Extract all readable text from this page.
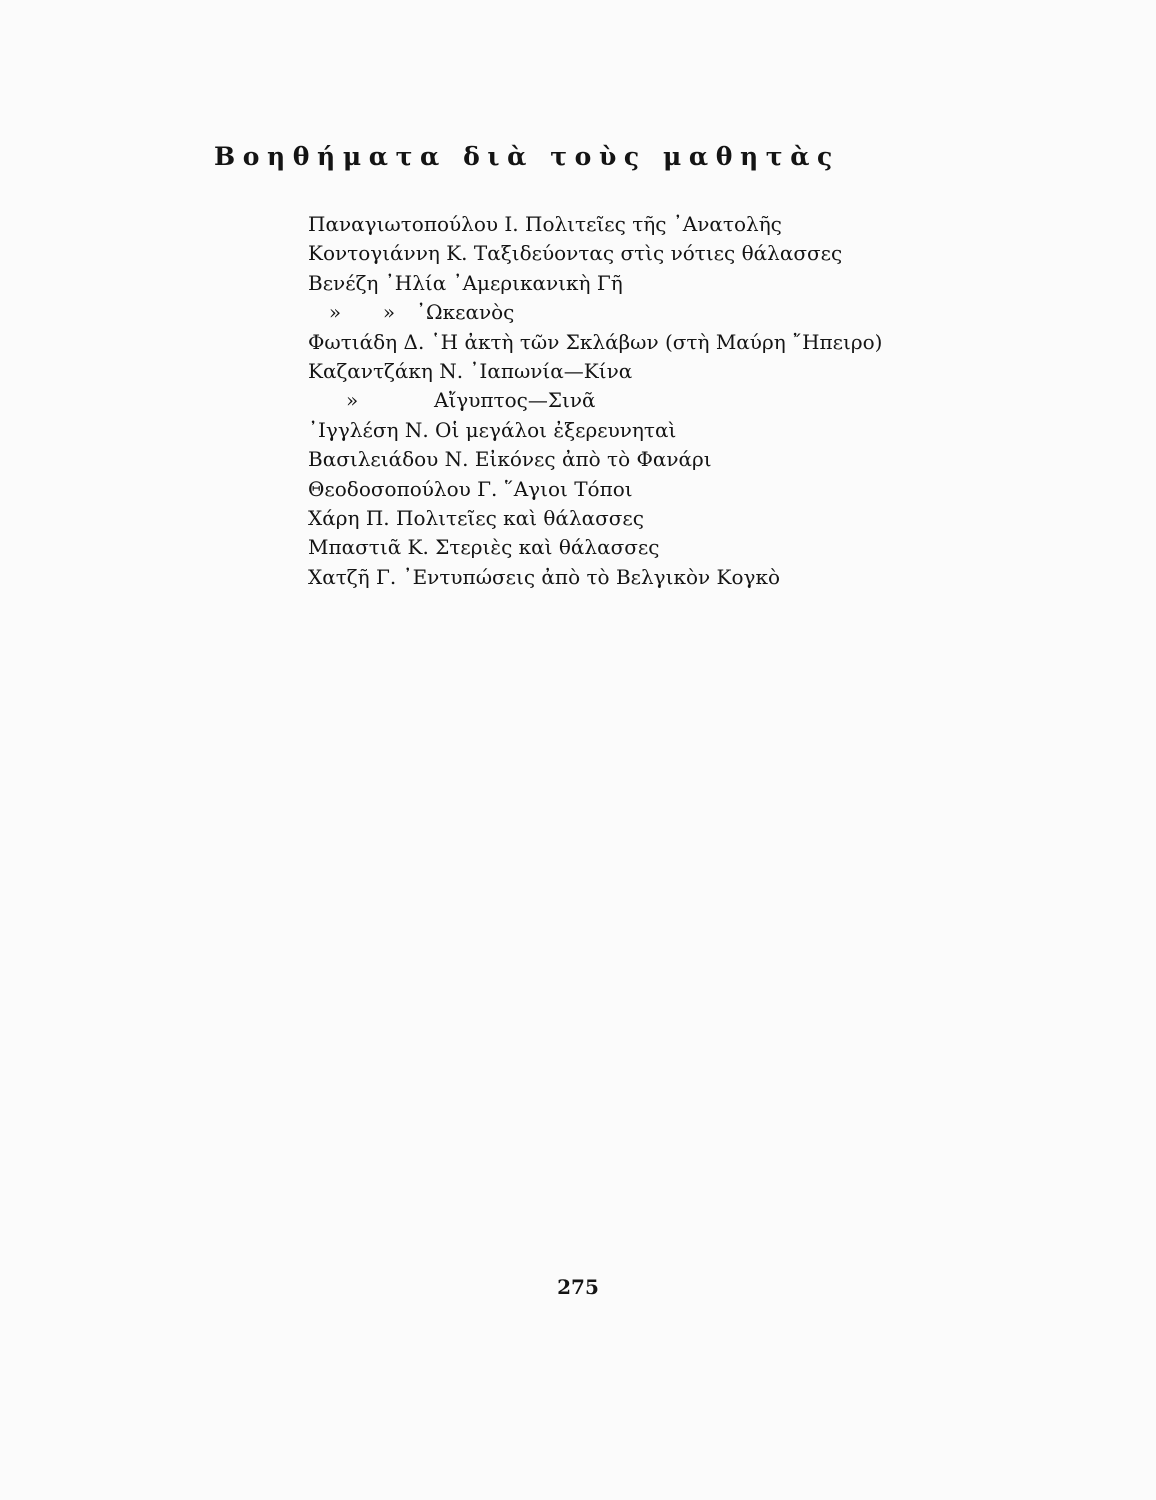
Βοηθήματα διὰ τοὺς μαθητὰς
Παναγιωτοπούλου Ι. Πολιτεῖες τῆς ᾿Ανατολῆς
Κοντογιάννη Κ. Ταξιδεύοντας στὶς νότιες θάλασσες
Βενέζη ᾿Ηλία ᾿Αμερικανικὴ Γῆ
»	»	᾿Ωκεανὸς
Φωτιάδη Δ. ῾Η ἀκτὴ τῶν Σκλάβων (στὴ Μαύρη ῎Ηπειρο)
Καζαντζάκη Ν. ᾿Ιαπωνία—Κίνα
»	Αἴγυπτος—Σινᾶ
᾿Ιγγλέση Ν. Οἱ μεγάλοι ἐξερευνηταὶ
Βασιλειάδου Ν. Εἰκόνες ἀπὸ τὸ Φανάρι
Θεοδοσοπούλου Γ. ῞Αγιοι Τόποι
Χάρη Π. Πολιτεῖες καὶ θάλασσες
Μπαστιᾶ Κ. Στεριὲς καὶ θάλασσες
Χατζῆ Γ. ᾿Εντυπώσεις ἀπὸ τὸ Βελγικὸν Κογκὸ
275
